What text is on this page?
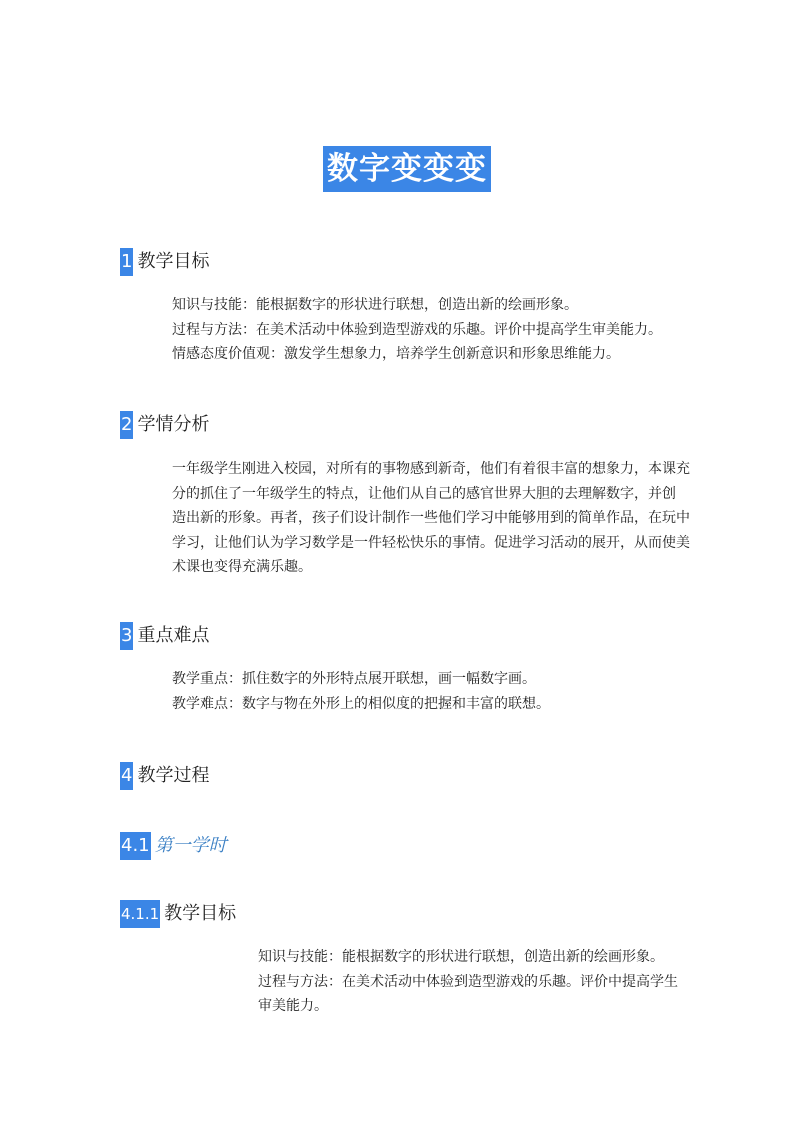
数字变变变
1 教学目标

知识与技能：能根据数字的形状进行联想，创造出新的绘画形象。

过程与方法：在美术活动中体验到造型游戏的乐趣。评价中提高学生审美能力。

情感态度价值观：激发学生想象力，培养学生创新意识和形象思维能力。

2 学情分析

一年级学生刚进入校园，对所有的事物感到新奇，他们有着很丰富的想象力，本课充

分的抓住了一年级学生的特点，让他们从自己的感官世界大胆的去理解数字，并创

造出新的形象。再者，孩子们设计制作一些他们学习中能够用到的简单作品，在玩中

学习，让他们认为学习数学是一件轻松快乐的事情。促进学习活动的展开，从而使美

术课也变得充满乐趣。

3 重点难点

教学重点：抓住数字的外形特点展开联想，画一幅数字画。

教学难点：数字与物在外形上的相似度的把握和丰富的联想。

4 教学过程
4.1 第一学时
4.1.1 教学目标

知识与技能：能根据数字的形状进行联想，创造出新的绘画形象。

过程与方法：在美术活动中体验到造型游戏的乐趣。评价中提高学生

审美能力。
